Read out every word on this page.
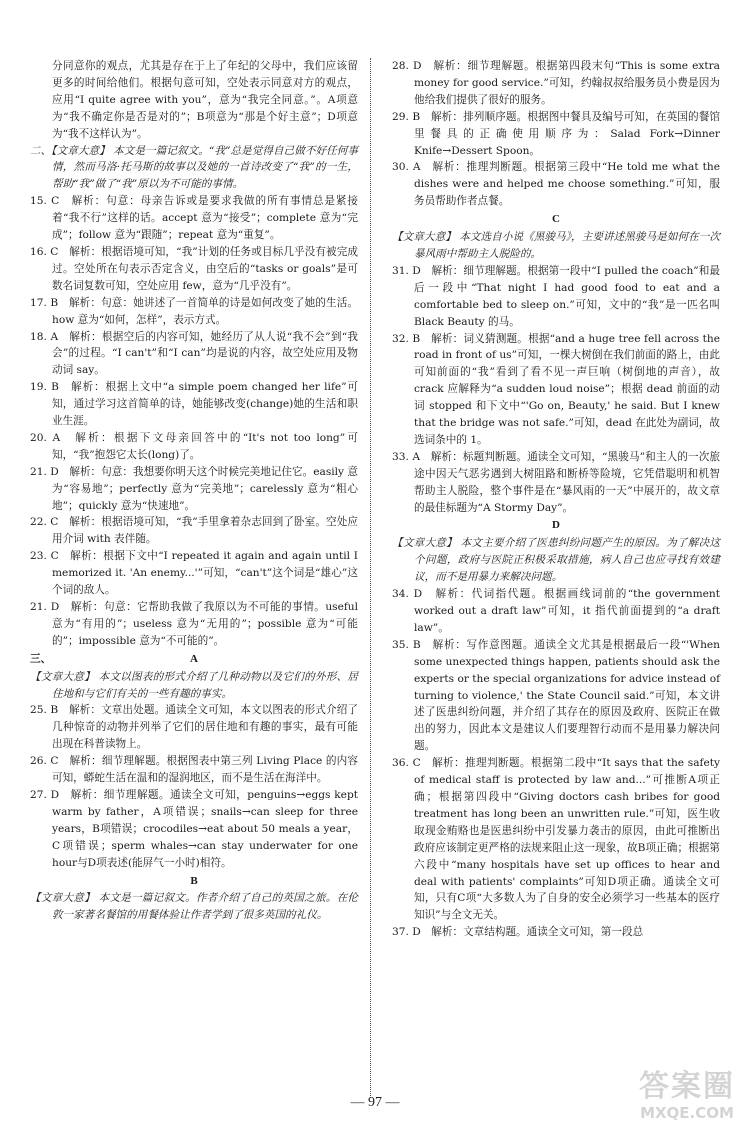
分同意你的观点，尤其是存在于上了年纪的父母中，我们应该留更多的时间给他们。根据句意可知，空处表示同意对方的观点，应用“I quite agree with you”，意为“我完全同意。”。A项意为“我不确定你是否是对的”；B项意为“那是个好主意”；D项意为“我不这样认为”。

二、【文章大意】 本文是一篇记叙文。“我”总是觉得自己做不好任何事情，然而马洛·托马斯的故事以及她的一首诗改变了“我”的一生，帮助“我”做了“我”原以为不可能的事情。

15. C　解析：句意：母亲告诉或是要求我做的所有事情总是紧接着“我不行”这样的话。accept 意为“接受”；complete 意为“完成”；follow 意为“跟随”；repeat 意为“重复”。

16. C　解析：根据语境可知，“我”计划的任务或目标几乎没有被完成过。空处所在句表示否定含义，由空后的“tasks or goals”是可数名词复数可知，空处应用 few，意为“几乎没有”。

17. B　解析：句意：她讲述了一首简单的诗是如何改变了她的生活。how 意为“如何，怎样”，表示方式。

18. A　解析：根据空后的内容可知，她经历了从人说“我不会”到“我会”的过程。“I can't”和“I can”均是说的内容，故空处应用及物动词 say。

19. B　解析：根据上文中“a simple poem changed her life”可知，通过学习这首简单的诗，她能够改变(change)她的生活和职业生涯。

20. A　解析：根据下文母亲回答中的“It's not too long”可知，“我”抱怨它太长(long)了。

21. D　解析：句意：我想要你明天这个时候完美地记住它。easily 意为“容易地”；perfectly 意为“完美地”；carelessly 意为“粗心地”；quickly 意为“快速地”。

22. C　解析：根据语境可知，“我”手里拿着杂志回到了卧室。空处应用介词 with 表伴随。

23. C　解析：根据下文中“I repeated it again and again until I memorized it. 'An enemy...'”可知，“can't”这个词是“雄心”这个词的敌人。

21. D　解析：句意：它帮助我做了我原以为不可能的事情。useful 意为“有用的”；useless 意为“无用的”；possible 意为“可能的”；impossible 意为“不可能的”。

三、	A

【文章大意】 本文以图表的形式介绍了几种动物以及它们的外形、居住地和与它们有关的一些有趣的事实。

25. B　解析：文章出处题。通读全文可知，本文以图表的形式介绍了几种惊奇的动物并列举了它们的居住地和有趣的事实，最有可能出现在科普读物上。

26. C　解析：细节理解题。根据图表中第三列 Living Place 的内容可知，蟒蛇生活在温和的湿润地区，而不是生活在海洋中。

27. D　解析：细节理解题。通读全文可知，penguins→eggs kept warm by father，A项错误；snails→can sleep for three years，B项错误；crocodiles→eat about 50 meals a year，C项错误；sperm whales→can stay underwater for one hour与D项表述(能屏气一小时)相符。

B

【文章大意】 本文是一篇记叙文。作者介绍了自己的英国之旅。在伦敦一家著名餐馆的用餐体验让作者学到了很多英国的礼仪。

28. D　解析：细节理解题。根据第四段末句“This is some extra money for good service.”可知，约翰叔叔给服务员小费是因为他给我们提供了很好的服务。

29. B　解析：排列顺序题。根据图中餐具及编号可知，在英国的餐馆里餐具的正确使用顺序为：Salad Fork→Dinner Knife→Dessert Spoon。

30. A　解析：推理判断题。根据第三段中“He told me what the dishes were and helped me choose something.”可知，服务员帮助作者点餐。

C

【文章大意】 本文选自小说《黑骏马》，主要讲述黑骏马是如何在一次暴风雨中帮助主人脱险的。

31. D　解析：细节理解题。根据第一段中“I pulled the coach”和最后一段中“That night I had good food to eat and a comfortable bed to sleep on.”可知，文中的“我”是一匹名叫 Black Beauty 的马。

32. B　解析：词义猜测题。根据“and a huge tree fell across the road in front of us”可知，一棵大树倒在我们前面的路上，由此可知前面的“我”看到了看不见一声巨响（树倒地的声音），故 crack 应解释为“a sudden loud noise”；根据 dead 前面的动词 stopped 和下文中“'Go on, Beauty,' he said. But I knew that the bridge was not safe.”可知，dead 在此处为副词，故选词条中的 1。

33. A　解析：标题判断题。通读全文可知，“黑骏马”和主人的一次旅途中因天气恶劣遇到大树阻路和断桥等险境，它凭借聪明和机智帮助主人脱险，整个事件是在“暴风雨的一天”中展开的，故文章的最佳标题为“A Stormy Day”。

D

【文章大意】 本文主要介绍了医患纠纷问题产生的原因。为了解决这个问题，政府与医院正积极采取措施，病人自己也应寻找有效建议，而不是用暴力来解决问题。

34. D　解析：代词指代题。根据画线词前的“the government worked out a draft law”可知，it 指代前面提到的“a draft law”。

35. B　解析：写作意图题。通读全文尤其是根据最后一段“'When some unexpected things happen, patients should ask the experts or the special organizations for advice instead of turning to violence,' the State Council said.”可知，本文讲述了医患纠纷问题，并介绍了其存在的原因及政府、医院正在做出的努力，因此本文是建议人们要理智行动而不是用暴力解决问题。

36. C　解析：推理判断题。根据第二段中“It says that the safety of medical staff is protected by law and...”可推断A项正确；根据第四段中“Giving doctors cash bribes for good treatment has long been an unwritten rule.”可知，医生收取现金贿赂也是医患纠纷中引发暴力袭击的原因，由此可推断出政府应该制定更严格的法规来阻止这一现象，故B项正确；根据第六段中“many hospitals have set up offices to hear and deal with patients' complaints”可知D项正确。通读全文可知，只有C项“大多数人为了自身的安全必须学习一些基本的医疗知识”与全文无关。

37. D　解析：文章结构题。通读全文可知，第一段总

— 97 —	答案圈
MXQE.COM
